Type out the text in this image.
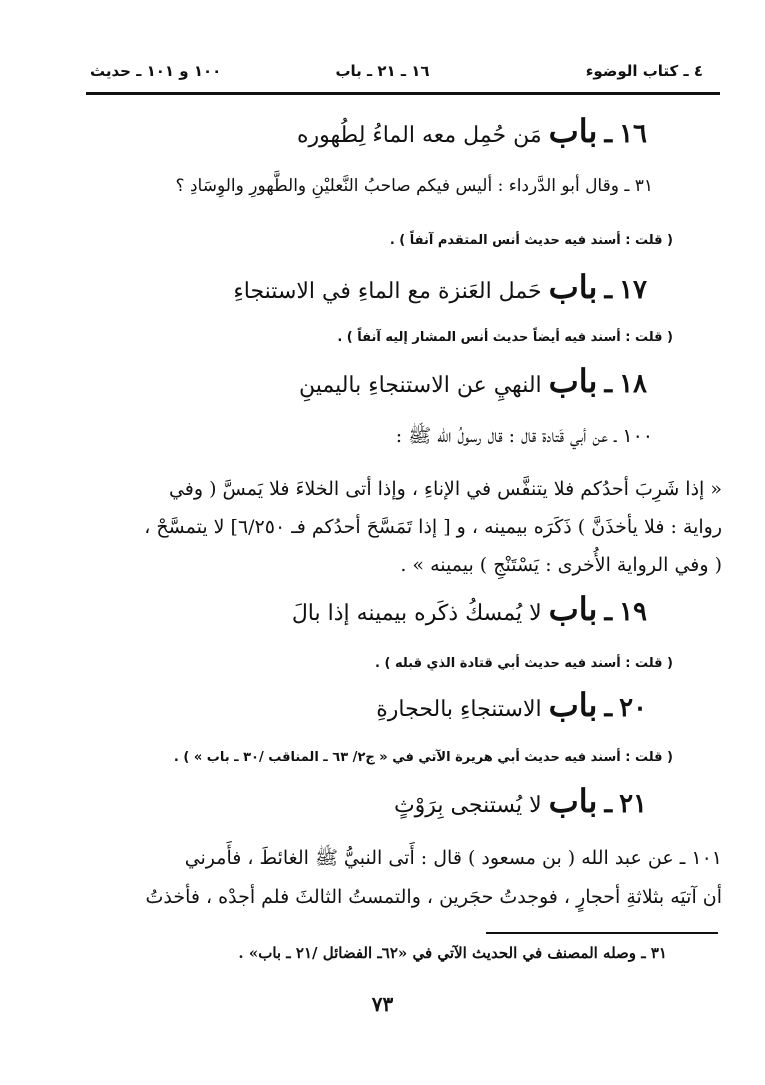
٤ ـ كتاب الوضوء
١٦ ـ ٢١ ـ باب
١٠٠ و ١٠١ ـ حديث
١٦ ـ باب مَن حُمِل معه الماءُ لِطُهوره
٣١ ـ وقال أبو الدَّرداء : أليس فيكم صاحبُ النَّعليْنِ والطَّهورِ والوِسَادِ ؟
( قلت : أسند فيه حديث أنس المتقدم آنفاً ) .
١٧ ـ باب حَمل العَنزة مع الماءِ في الاستنجاءِ
( قلت : أسند فيه أيضاً حديث أنس المشار إليه آنفاً ) .
١٨ ـ باب النهيِ عن الاستنجاءِ باليمينِ
١٠٠ ـ عن أبي قَتادة قال : قال رسولُ الله ﷺ :
« إذا شَرِبَ أحدُكم فلا يتنفَّس في الإناءِ ، وإذا أتى الخلاءَ فلا يَمسَّ ( وفي
رواية : فلا يأخذَنَّ ) ذَكَرَه بيمينه ، و [ إذا تَمَسَّحَ أحدُكم فـ ٦/٢٥٠] لا يتمسَّحْ ،
( وفي الرواية الأُخرى : يَسْتَنْجِ ) بيمينه » .
١٩ ـ باب لا يُمسكُ ذكَره بيمينه إذا بالَ
( قلت : أسند فيه حديث أبي قتادة الذي قبله ) .
٢٠ ـ باب الاستنجاءِ بالحجارةِ
( قلت : أسند فيه حديث أبي هريرة الآتي في « ج٢/ ٦٣ ـ المناقب /٣٠ ـ باب » ) .
٢١ ـ باب لا يُستنجى بِرَوْثٍ
١٠١ ـ عن عبد الله ( بن مسعود ) قال : أَتى النبيُّ ﷺ الغائطَ ، فأَمرني
أن آتيَه بثلاثةِ أحجارٍ ، فوجدتُ حجَرين ، والتمستُ الثالثَ فلم أجدْه ، فأخذتُ
٣١ ـ وصله المصنف في الحديث الآتي في «٦٢ـ الفضائل /٢١ ـ باب» .
٧٣
